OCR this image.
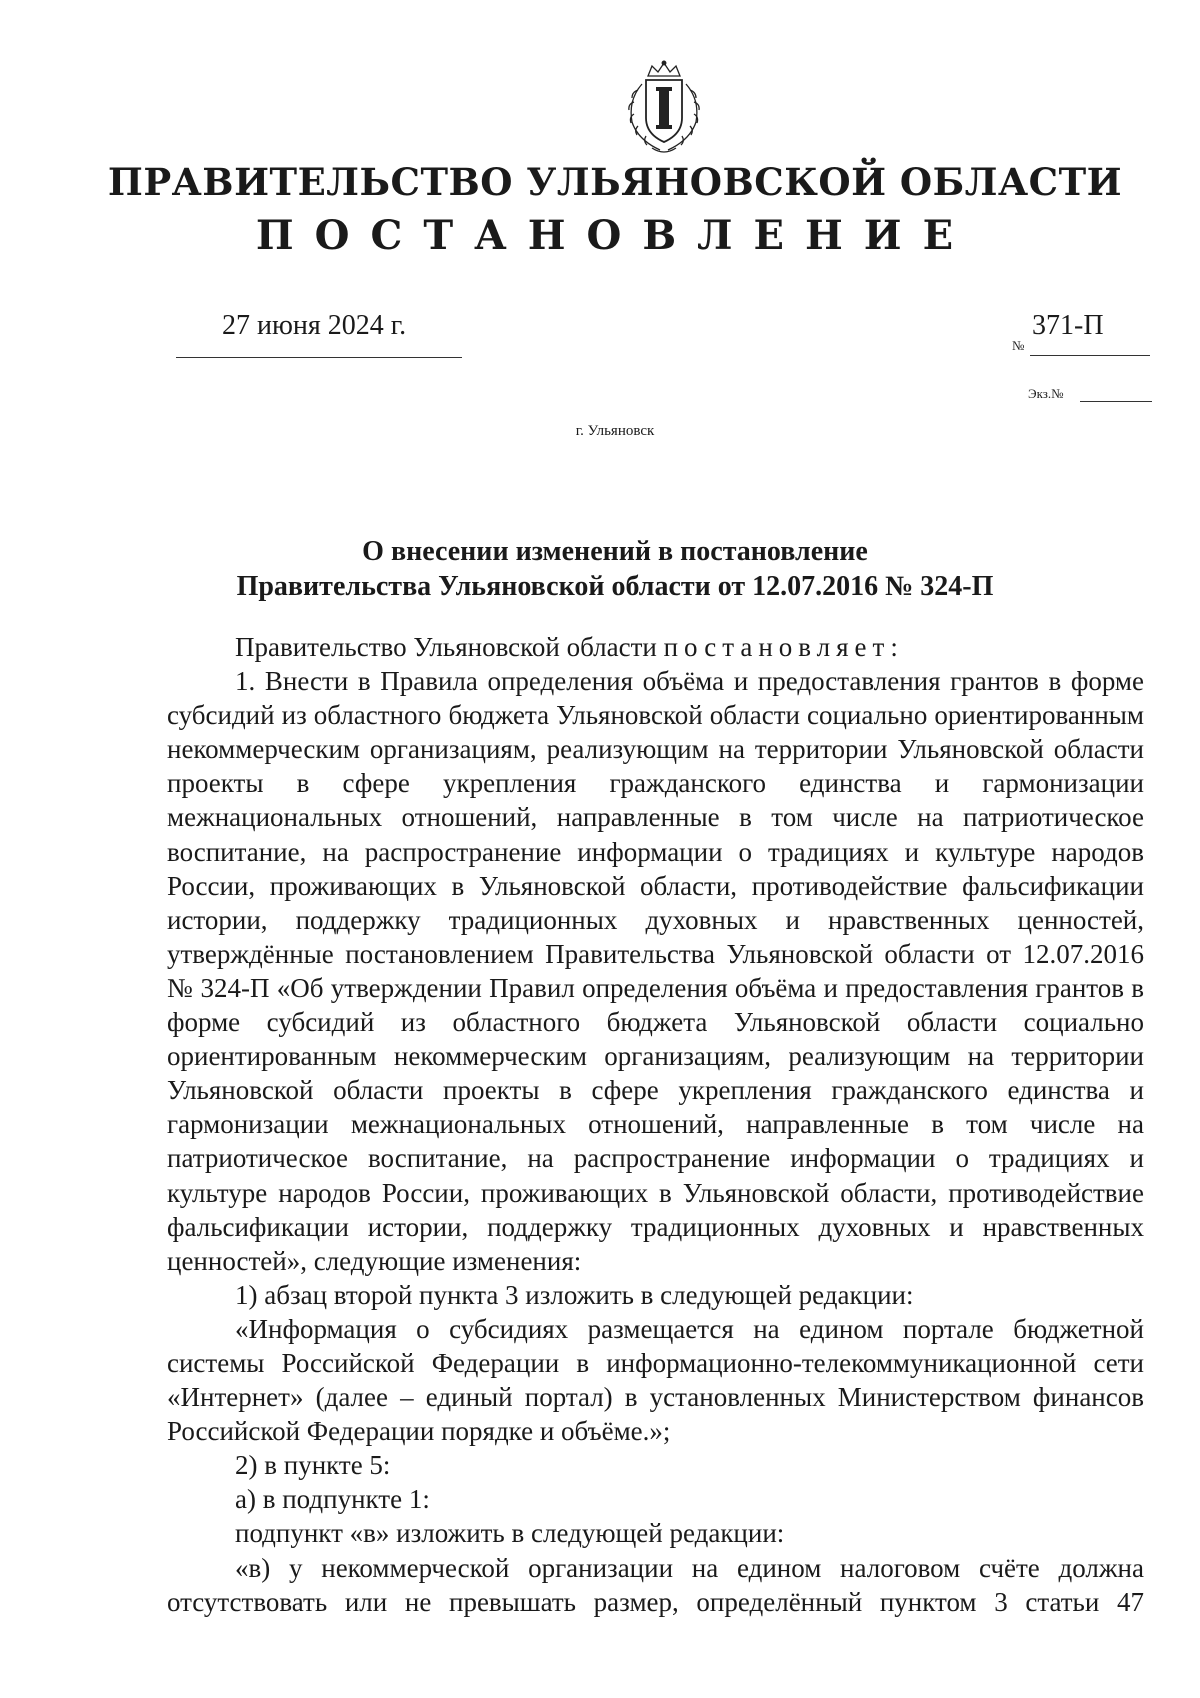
ПРАВИТЕЛЬСТВО УЛЬЯНОВСКОЙ ОБЛАСТИ
ПОСТАНОВЛЕНИЕ
27 июня 2024 г.	371-П
№
Экз.№
г. Ульяновск
О внесении изменений в постановление
Правительства Ульяновской области от 12.07.2016 № 324-П

Правительство Ульяновской области постановляет:

1. Внести в Правила определения объёма и предоставления грантов в форме субсидий из областного бюджета Ульяновской области социально ориентированным некоммерческим организациям, реализующим на территории Ульяновской области проекты в сфере укрепления гражданского единства и гармонизации межнациональных отношений, направленные в том числе на патриотическое воспитание, на распространение информации о традициях и культуре народов России, проживающих в Ульяновской области, противодействие фальсификации истории, поддержку традиционных духовных и нравственных ценностей, утверждённые постановлением Правительства Ульяновской области от 12.07.2016 № 324-П «Об утверждении Правил определения объёма и предоставления грантов в форме субсидий из областного бюджета Ульяновской области социально ориентированным некоммерческим организациям, реализующим на территории Ульяновской области проекты в сфере укрепления гражданского единства и гармонизации межнациональных отношений, направленные в том числе на патриотическое воспитание, на распространение информации о традициях и культуре народов России, проживающих в Ульяновской области, противодействие фальсификации истории, поддержку традиционных духовных и нравственных ценностей», следующие изменения:

1) абзац второй пункта 3 изложить в следующей редакции:

«Информация о субсидиях размещается на едином портале бюджетной системы Российской Федерации в информационно-телекоммуникационной сети «Интернет» (далее – единый портал) в установленных Министерством финансов Российской Федерации порядке и объёме.»;

2) в пункте 5:

а) в подпункте 1:

подпункт «в» изложить в следующей редакции:

«в) у некоммерческой организации на едином налоговом счёте должна отсутствовать или не превышать размер, определённый пунктом 3 статьи 47
